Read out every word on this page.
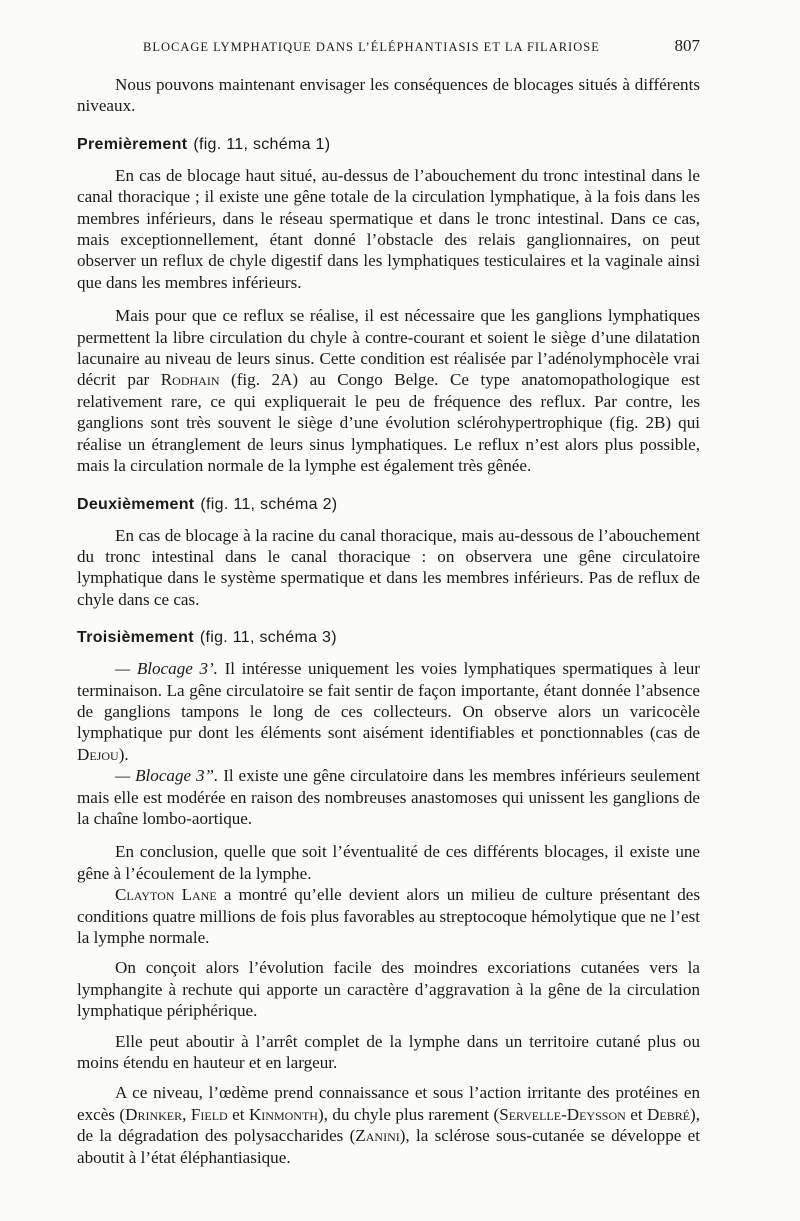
BLOCAGE LYMPHATIQUE DANS L’ÉLÉPHANTIASIS ET LA FILARIOSE	807

Nous pouvons maintenant envisager les conséquences de blocages situés à différents niveaux.

Premièrement (fig. 11, schéma 1)

En cas de blocage haut situé, au-dessus de l’abouchement du tronc intestinal dans le canal thoracique ; il existe une gêne totale de la circulation lymphatique, à la fois dans les membres inférieurs, dans le réseau spermatique et dans le tronc intestinal. Dans ce cas, mais exceptionnellement, étant donné l’obstacle des relais ganglionnaires, on peut observer un reflux de chyle digestif dans les lymphatiques testiculaires et la vaginale ainsi que dans les membres inférieurs.

Mais pour que ce reflux se réalise, il est nécessaire que les ganglions lymphatiques permettent la libre circulation du chyle à contre-courant et soient le siège d’une dilatation lacunaire au niveau de leurs sinus. Cette condition est réalisée par l’adénolymphocèle vrai décrit par Rodhain (fig. 2A) au Congo Belge. Ce type anatomopathologique est relativement rare, ce qui expliquerait le peu de fréquence des reflux. Par contre, les ganglions sont très souvent le siège d’une évolution sclérohypertrophique (fig. 2B) qui réalise un étranglement de leurs sinus lymphatiques. Le reflux n’est alors plus possible, mais la circulation normale de la lymphe est également très gênée.

Deuxièmement (fig. 11, schéma 2)

En cas de blocage à la racine du canal thoracique, mais au-dessous de l’abouchement du tronc intestinal dans le canal thoracique : on observera une gêne circulatoire lymphatique dans le système spermatique et dans les membres inférieurs. Pas de reflux de chyle dans ce cas.

Troisièmement (fig. 11, schéma 3)

— Blocage 3’. Il intéresse uniquement les voies lymphatiques spermatiques à leur terminaison. La gêne circulatoire se fait sentir de façon importante, étant donnée l’absence de ganglions tampons le long de ces collecteurs. On observe alors un varicocèle lymphatique pur dont les éléments sont aisément identifiables et ponctionnables (cas de Dejou).

— Blocage 3”. Il existe une gêne circulatoire dans les membres inférieurs seulement mais elle est modérée en raison des nombreuses anastomoses qui unissent les ganglions de la chaîne lombo-aortique.

En conclusion, quelle que soit l’éventualité de ces différents blocages, il existe une gêne à l’écoulement de la lymphe.

Clayton Lane a montré qu’elle devient alors un milieu de culture présentant des conditions quatre millions de fois plus favorables au streptocoque hémolytique que ne l’est la lymphe normale.

On conçoit alors l’évolution facile des moindres excoriations cutanées vers la lymphangite à rechute qui apporte un caractère d’aggravation à la gêne de la circulation lymphatique périphérique.

Elle peut aboutir à l’arrêt complet de la lymphe dans un territoire cutané plus ou moins étendu en hauteur et en largeur.

A ce niveau, l’œdème prend connaissance et sous l’action irritante des protéines en excès (Drinker, Field et Kinmonth), du chyle plus rarement (Servelle-Deysson et Debré), de la dégradation des polysaccharides (Zanini), la sclérose sous-cutanée se développe et aboutit à l’état éléphantiasique.
